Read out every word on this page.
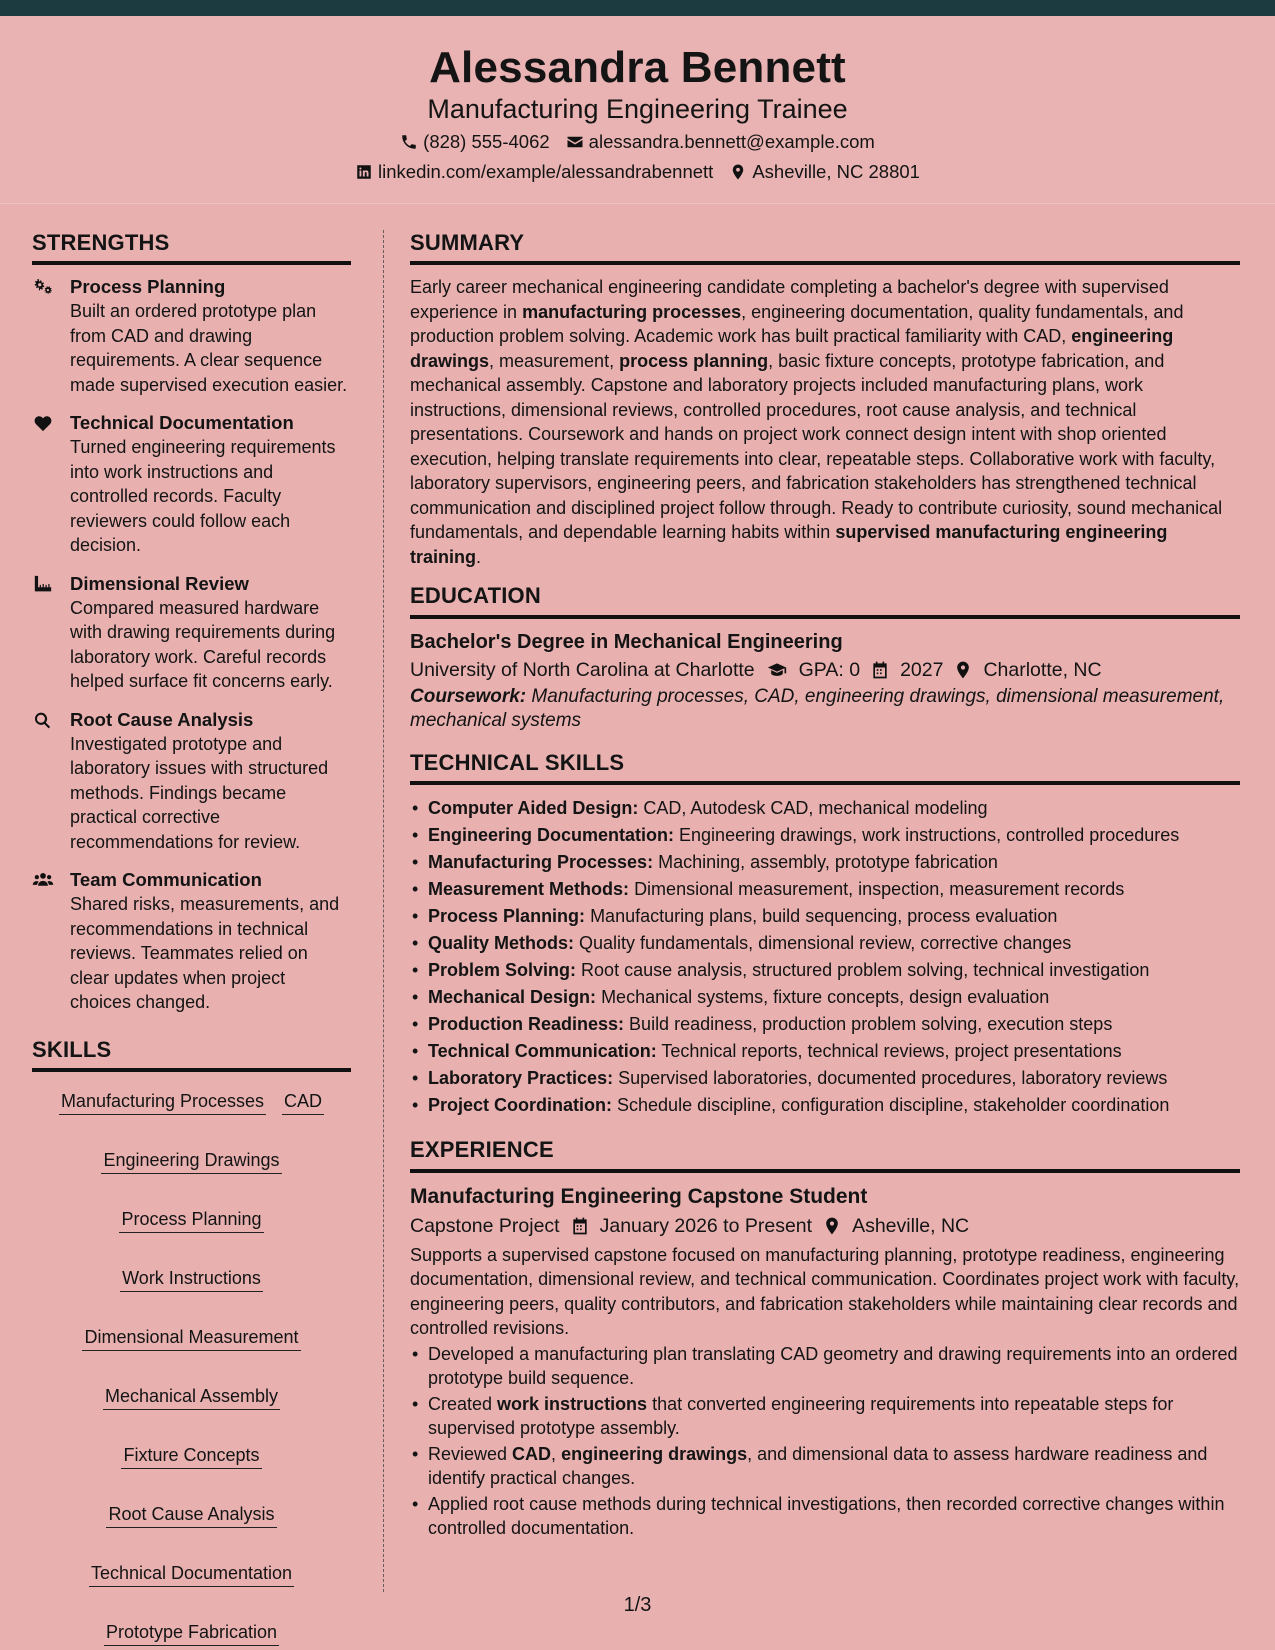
Alessandra Bennett
Manufacturing Engineering Trainee
(828) 555-4062 alessandra.bennett@example.com
linkedin.com/example/alessandrabennett Asheville, NC 28801
STRENGTHS
Process Planning
Built an ordered prototype plan from CAD and drawing requirements. A clear sequence made supervised execution easier.
Technical Documentation
Turned engineering requirements into work instructions and controlled records. Faculty reviewers could follow each decision.
Dimensional Review
Compared measured hardware with drawing requirements during laboratory work. Careful records helped surface fit concerns early.
Root Cause Analysis
Investigated prototype and laboratory issues with structured methods. Findings became practical corrective recommendations for review.
Team Communication
Shared risks, measurements, and recommendations in technical reviews. Teammates relied on clear updates when project choices changed.
SKILLS
Manufacturing Processes CAD
Engineering Drawings
Process Planning
Work Instructions
Dimensional Measurement
Mechanical Assembly
Fixture Concepts
Root Cause Analysis
Technical Documentation
Prototype Fabrication
SUMMARY

Early career mechanical engineering candidate completing a bachelor's degree with supervised experience in manufacturing processes, engineering documentation, quality fundamentals, and production problem solving. Academic work has built practical familiarity with CAD, engineering drawings, measurement, process planning, basic fixture concepts, prototype fabrication, and mechanical assembly. Capstone and laboratory projects included manufacturing plans, work instructions, dimensional reviews, controlled procedures, root cause analysis, and technical presentations. Coursework and hands on project work connect design intent with shop oriented execution, helping translate requirements into clear, repeatable steps. Collaborative work with faculty, laboratory supervisors, engineering peers, and fabrication stakeholders has strengthened technical communication and disciplined project follow through. Ready to contribute curiosity, sound mechanical fundamentals, and dependable learning habits within supervised manufacturing engineering training.

EDUCATION
Bachelor's Degree in Mechanical Engineering
University of North Carolina at Charlotte GPA: 0 2027 Charlotte, NC
Coursework: Manufacturing processes, CAD, engineering drawings, dimensional measurement, mechanical systems
TECHNICAL SKILLS
• Computer Aided Design: CAD, Autodesk CAD, mechanical modeling
• Engineering Documentation: Engineering drawings, work instructions, controlled procedures
• Manufacturing Processes: Machining, assembly, prototype fabrication
• Measurement Methods: Dimensional measurement, inspection, measurement records
• Process Planning: Manufacturing plans, build sequencing, process evaluation
• Quality Methods: Quality fundamentals, dimensional review, corrective changes
• Problem Solving: Root cause analysis, structured problem solving, technical investigation
• Mechanical Design: Mechanical systems, fixture concepts, design evaluation
• Production Readiness: Build readiness, production problem solving, execution steps
• Technical Communication: Technical reports, technical reviews, project presentations
• Laboratory Practices: Supervised laboratories, documented procedures, laboratory reviews
• Project Coordination: Schedule discipline, configuration discipline, stakeholder coordination
EXPERIENCE
Manufacturing Engineering Capstone Student
Capstone Project January 2026 to Present Asheville, NC

Supports a supervised capstone focused on manufacturing planning, prototype readiness, engineering documentation, dimensional review, and technical communication. Coordinates project work with faculty, engineering peers, quality contributors, and fabrication stakeholders while maintaining clear records and controlled revisions.

• Developed a manufacturing plan translating CAD geometry and drawing requirements into an ordered prototype build sequence.
• Created work instructions that converted engineering requirements into repeatable steps for supervised prototype assembly.
• Reviewed CAD, engineering drawings, and dimensional data to assess hardware readiness and identify practical changes.
• Applied root cause methods during technical investigations, then recorded corrective changes within controlled documentation.
1/3
